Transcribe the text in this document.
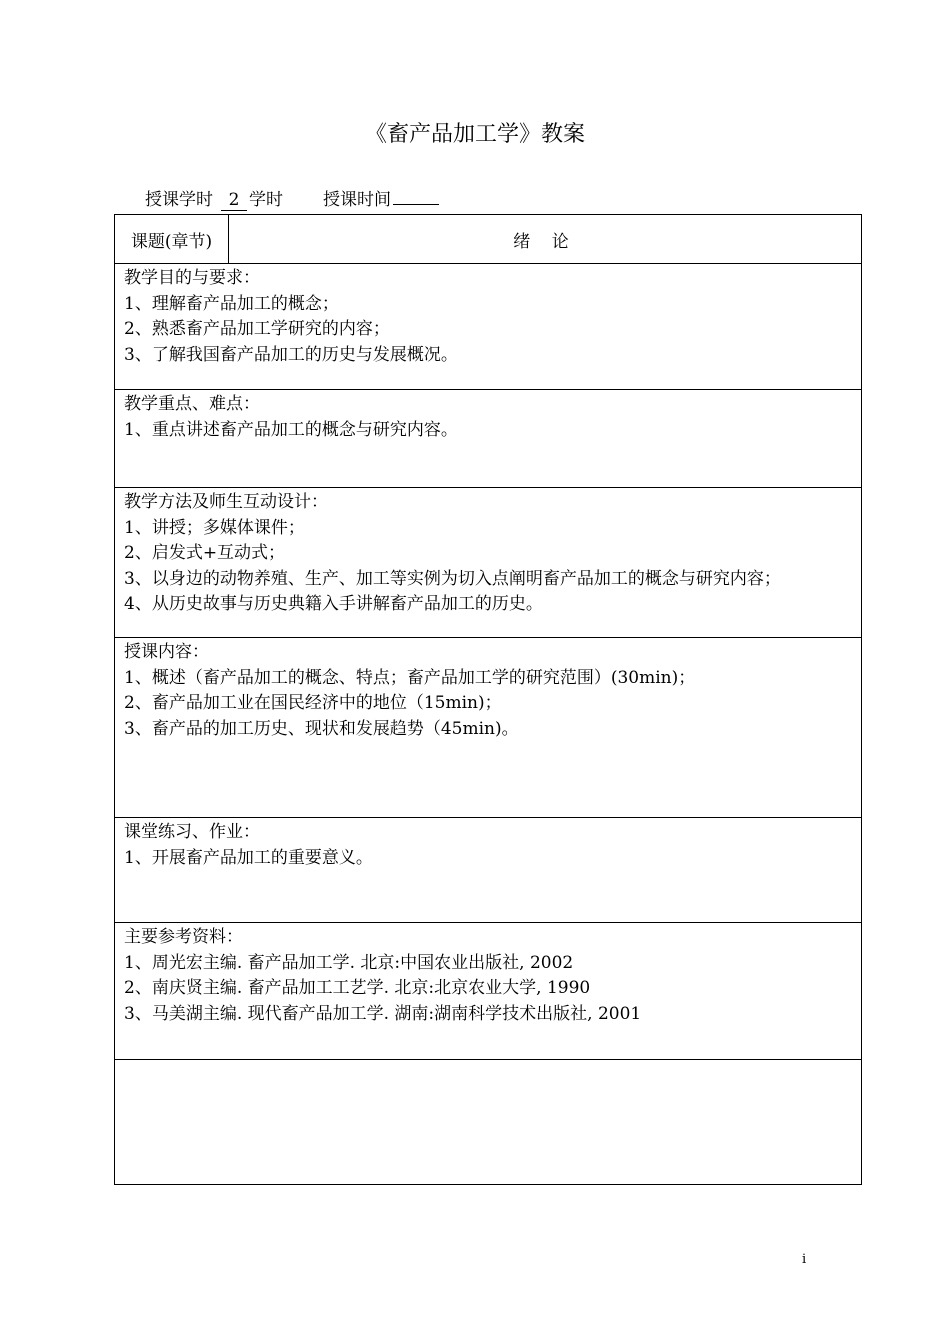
《畜产品加工学》教案
授课学时 2 学时 授课时间
课题(章节)	绪 论
教学目的与要求：
1、理解畜产品加工的概念；
2、熟悉畜产品加工学研究的内容；
3、了解我国畜产品加工的历史与发展概况。
教学重点、难点：
1、重点讲述畜产品加工的概念与研究内容。
教学方法及师生互动设计：
1、讲授；多媒体课件；
2、启发式+互动式；
3、以身边的动物养殖、生产、加工等实例为切入点阐明畜产品加工的概念与研究内容；
4、从历史故事与历史典籍入手讲解畜产品加工的历史。
授课内容：
1、概述（畜产品加工的概念、特点；畜产品加工学的研究范围）(30min)；
2、畜产品加工业在国民经济中的地位（15min)；
3、畜产品的加工历史、现状和发展趋势（45min)。
课堂练习、作业：
1、开展畜产品加工的重要意义。
主要参考资料：
1、周光宏主编. 畜产品加工学. 北京:中国农业出版社, 2002
2、南庆贤主编. 畜产品加工工艺学. 北京:北京农业大学, 1990
3、马美湖主编. 现代畜产品加工学. 湖南:湖南科学技术出版社, 2001
i
